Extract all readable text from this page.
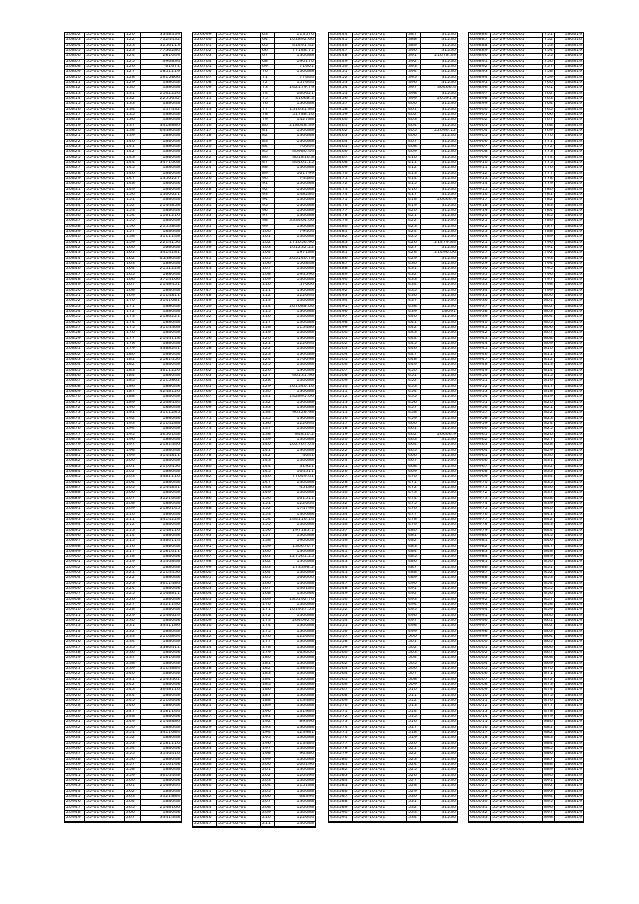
20802	55-01-60-01	120	3348439
20803	55-01-60-01	122	7124432
20804	55-01-60-01	123	3256113
20805	55-01-60-01	123	7736280
20806	55-01-60-01	124	281049
20807	55-01-60-01	125	496834
20808	55-01-60-01	126	61671
20809	55-01-60-01	127	1851119
20810	55-01-60-01	128	1615866
20811	55-01-60-01	129	188048
20812	55-01-60-01	130	188048
20813	55-01-60-01	131	2161226
20814	55-01-60-01	132	2255632
20815	55-01-60-01	133	188048
20816	55-01-60-01	134	157432
20817	55-01-60-01	135	188048
20818	55-01-60-01	136	188048
20819	55-01-60-01	137	3418880
20820	55-01-60-01	138	6448048
20821	55-01-60-01	139	188048
20822	55-01-60-01	140	188048
20823	55-01-60-01	141	188048
20824	55-01-60-01	142	188048
20825	55-01-60-01	143	188048
20826	55-01-60-01	144	3471408
20827	55-01-60-01	145	188048
20828	55-01-60-01	146	188048
20829	55-01-60-01	147	1356227
20830	55-01-60-01	148	188048
20831	55-01-60-01	149	188048
20832	55-01-60-01	150	1560621
20833	55-01-60-01	151	188048
20834	55-01-60-01	152	2144858
20835	55-01-60-01	153	188048
20836	55-01-60-01	154	1161216
20837	55-01-60-01	155	188048
20838	55-01-60-01	156	2155848
20839	55-01-60-01	157	188048
20840	55-01-60-01	158	3111148
20841	55-01-60-01	159	2214156
20842	55-01-60-01	160	188048
20843	55-01-60-01	161	3414181
20844	55-01-60-01	162	6548048
20845	55-01-60-01	163	188048
20846	55-01-60-01	164	2151228
20847	55-01-60-01	165	188048
20848	55-01-60-01	166	3714166
20849	55-01-60-01	167	2148451
20850	55-01-60-01	168	188048
20851	55-01-60-01	169	2114811
20852	55-01-60-01	170	3141081
20853	55-01-60-01	171	188048
20854	55-01-60-01	172	188048
20855	55-01-60-01	173	2186221
20856	55-01-60-01	174	188048
20857	55-01-60-01	175	3114468
20858	55-01-60-01	176	188048
20859	55-01-60-01	177	2144118
20860	55-01-60-01	178	188048
20861	55-01-60-01	179	3388241
20862	55-01-60-01	180	188048
20863	55-01-60-01	181	2181456
20864	55-01-60-01	182	188048
20865	55-01-60-01	183	3611226
20866	55-01-60-01	184	188048
20867	55-01-60-01	185	2115862
20868	55-01-60-01	186	188048
20869	55-01-60-01	187	4248126
20870	55-01-60-01	188	188048
20871	55-01-60-01	189	2168434
20872	55-01-60-01	190	188048
20873	55-01-60-01	191	3111285
20874	55-01-60-01	192	188048
20875	55-01-60-01	193	2114288
20876	55-01-60-01	194	188048
20877	55-01-60-01	195	3656148
20878	55-01-60-01	196	188048
20879	55-01-60-01	197	2181446
20880	55-01-60-01	198	188048
20881	55-01-60-01	199	3144811
20882	55-01-60-01	200	188048
20883	55-01-60-01	201	2116456
20884	55-01-60-01	202	188048
20885	55-01-60-01	203	3481116
20886	55-01-60-01	204	188048
20887	55-01-60-01	205	2144831
20888	55-01-60-01	206	188048
20889	55-01-60-01	207	3121648
20890	55-01-60-01	208	188048
20891	55-01-60-01	209	2186145
20892	55-01-60-01	210	188048
20893	55-01-60-01	211	3414228
20894	55-01-60-01	212	188048
20895	55-01-60-01	213	2148116
20896	55-01-60-01	214	188048
20897	55-01-60-01	215	3386114
20898	55-01-60-01	216	188048
20899	55-01-60-01	217	2181611
20900	55-01-60-01	218	188048
20901	55-01-60-01	219	3144848
20902	55-01-60-01	220	188048
20903	55-01-60-01	221	2114456
20904	55-01-60-01	222	188048
20905	55-01-60-01	223	3611484
20906	55-01-60-01	224	188048
20907	55-01-60-01	225	2168811
20908	55-01-60-01	226	188048
20909	55-01-60-01	227	3121146
20910	55-01-60-01	228	188048
20911	55-01-60-01	229	2148624
20912	55-01-60-01	230	188048
20913	55-01-60-01	231	3441186
20914	55-01-60-01	232	188048
20915	55-01-60-01	233	2116844
20916	55-01-60-01	234	188048
20917	55-01-60-01	235	3386411
20918	55-01-60-01	236	188048
20919	55-01-60-01	237	2181648
20920	55-01-60-01	238	188048
20921	55-01-60-01	239	3114884
20922	55-01-60-01	240	188048
20923	55-01-60-01	241	2144461
20924	55-01-60-01	242	188048
20925	55-01-60-01	243	3648116
20926	55-01-60-01	244	188048
20927	55-01-60-01	245	2116648
20928	55-01-60-01	246	188048
20929	55-01-60-01	247	3181144
20930	55-01-60-01	248	188048
20931	55-01-60-01	249	2148886
20932	55-01-60-01	250	188048
20933	55-01-60-01	251	3411684
20934	55-01-60-01	252	188048
20935	55-01-60-01	253	2181116
20936	55-01-60-01	254	188048
20937	55-01-60-01	255	3144416
20938	55-01-60-01	256	188048
20939	55-01-60-01	257	2116148
20940	55-01-60-01	258	188048
20941	55-01-60-01	259	3614448
20942	55-01-60-01	260	188048
20943	55-01-60-01	261	2168644
20944	55-01-60-01	262	188048
20945	55-01-60-01	263	3121884
20946	55-01-60-01	264	188048
20947	55-01-60-01	265	2148166
20948	55-01-60-01	266	188048
20949	55-01-60-01	267	3441448
226699	55-15-02-01	63	113576
226700	55-15-02-01	64	101892.66
226701	55-15-02-01	65	41491.42
226702	55-15-02-01	66	77188.71
226703	55-15-02-01	67	130088
226704	55-15-02-01	68	190170
226705	55-15-02-01	69	71601
226706	55-15-02-01	70	130088
226707	55-15-02-01	71	77644
226708	55-15-02-01	72	157644
226709	55-15-02-01	73	142179.79
226710	55-15-02-01	74	160621
226711	55-15-02-01	75	31668.3
226712	55-15-02-01	76	130088
226713	55-15-02-01	77	151631.84
226714	55-15-02-01	78	51788.16
226715	55-15-02-01	79	142788
226716	55-15-02-01	80	218648.39
226717	55-15-02-01	81	130088
226718	55-15-02-01	82	130688
226719	55-15-02-01	83	130088
226720	55-15-02-01	84	70644
226721	55-15-02-01	85	40980.44
226722	55-15-02-01	86	301816.8
226723	55-15-02-01	87	44461.15
226724	55-15-02-01	88	130088
226725	55-15-02-01	89	161799
226726	55-15-02-01	90	74484
226727	55-15-02-01	91	130088
226728	55-15-02-01	92	130088
226729	55-15-02-01	93	148284
226730	55-15-02-01	94	130088
226731	55-15-02-01	95	130088
226732	55-15-02-01	96	130088
226733	55-15-02-01	97	130088
226734	55-15-02-01	98	333464.06
226735	55-15-02-01	99	130088
226736	55-15-02-01	100	79404
226737	55-15-02-01	101	130088
226738	55-15-02-01	102	171056.96
226739	55-15-02-01	103	101232.22
226740	55-15-02-01	104	197188
226741	55-15-02-01	105	205140.78
226742	55-15-02-01	106	150848
226743	55-15-02-01	107	130088
226744	55-15-02-01	108	194596
226745	55-15-02-01	109	130088
226746	55-15-02-01	110	57666
226747	55-15-02-01	111	130088
226748	55-15-02-01	112	122644
226749	55-15-02-01	113	130088
226750	55-15-02-01	114	167688.06
226751	55-15-02-01	115	130088
226752	55-15-02-01	116	130088
226753	55-15-02-01	117	130088
226754	55-15-02-01	118	115486
226755	55-15-02-01	119	130088
226756	55-15-02-01	120	130088
226757	55-15-02-01	121	122644
226758	55-15-02-01	122	130088
226759	55-15-02-01	123	130088
226760	55-15-02-01	124	170098
226761	55-15-02-01	125	130088
226762	55-15-02-01	126	130088
226763	55-15-02-01	127	46131.96
226764	55-15-02-01	128	130088
226765	55-15-02-01	129	161540.16
226766	55-15-02-01	130	130088
226767	55-15-02-01	131	142891.06
226768	55-15-02-01	132	130088
226769	55-15-02-01	133	130088
226770	55-15-02-01	134	96128.98
226771	55-15-02-01	135	130088
226772	55-15-02-01	136	122644
226773	55-15-02-01	137	130088
226774	55-15-02-01	138	84810.2
226775	55-15-02-01	139	130088
226776	55-15-02-01	140	102767.03
226777	55-15-02-01	141	130088
226778	55-15-02-01	142	4641
226779	55-15-02-01	143	130088
226780	55-15-02-01	144	31921
226781	55-15-02-01	145	164511
226782	55-15-02-01	146	77649.01
226783	55-15-02-01	147	130088
226784	55-15-02-01	148	45186
226785	55-15-02-01	149	130088
226786	55-15-02-01	150	161511
226787	55-15-02-01	151	122644
226788	55-15-02-01	152	174798
226789	55-15-02-01	153	130088
226790	55-15-02-01	154	144116.14
226791	55-15-02-01	155	130088
226792	55-15-02-01	156	197183.1
226793	55-15-02-01	157	130088
226794	55-15-02-01	158	190008
226795	55-15-02-01	159	136670.7
226796	55-15-02-01	160	130088
226797	55-15-02-01	161	127561.25
226798	55-15-02-01	162	130088
226799	55-15-02-01	163	173398.2
226800	55-15-02-01	164	130088
226801	55-15-02-01	165	166000
226802	55-15-02-01	166	130088
226803	55-15-02-01	167	146184
226804	55-15-02-01	168	130088
226805	55-15-02-01	169	185192.76
226806	55-15-02-01	170	130088
226807	55-15-02-01	171	101937.53
226808	55-15-02-01	172	130088
226809	55-15-02-01	173	264092.4
226810	55-15-02-01	174	130088
226811	55-15-02-01	175	130088
226812	55-15-02-01	176	122644
226813	55-15-02-01	177	130088
226814	55-15-02-01	178	130088
226815	55-15-02-01	179	163000
226816	55-15-02-01	180	130088
226817	55-15-02-01	181	130088
226818	55-15-02-01	182	138440
226819	55-15-02-01	183	130088
226820	55-15-02-01	184	130088
226821	55-15-02-01	185	130088
226822	55-15-02-01	186	130088
226823	55-15-02-01	187	130088
226824	55-15-02-01	188	113484
226825	55-15-02-01	189	130088
226826	55-15-02-01	190	131984
226827	55-15-02-01	191	130088
226828	55-15-02-01	192	89396
226829	55-15-02-01	193	130088
226830	55-15-02-01	194	123981
226831	55-15-02-01	195	130088
226832	55-15-02-01	196	113484
226833	55-15-02-01	197	130088
226834	55-15-02-01	198	96380
226835	55-15-02-01	199	130088
226836	55-15-02-01	200	100196
226837	55-15-02-01	201	130088
226838	55-15-02-01	202	120494
226839	55-15-02-01	203	130088
226840	55-15-02-01	204	115188
226841	55-15-02-01	205	130088
226842	55-15-02-01	206	68394
226843	55-15-02-01	207	130088
226844	55-15-02-01	208	120098
226845	55-15-02-01	209	130088
226846	55-15-02-01	210	122644
226847	55-15-02-01	211	130088
433444	55-26-101-01	387	31230
433445	55-26-101-01	388	31230
433446	55-26-101-01	389	31230
433447	55-26-101-01	390	31230
433448	55-26-101-01	391	21678.39
433449	55-26-101-01	392	31230
433450	55-26-101-01	393	31230
433451	55-26-101-01	394	31230
433452	55-26-101-01	395	31230
433453	55-26-101-01	396	31230
433454	55-26-101-01	397	30466.4
433455	55-26-101-01	398	31230
433456	55-26-101-01	399	26591.8
433457	55-26-101-01	400	31230
433458	55-26-101-01	401	31230
433459	55-26-101-01	402	31230
433460	55-26-101-01	403	31230
433461	55-26-101-01	404	31230
433462	55-26-101-01	405	22096.12
433463	55-26-101-01	406	31230
433464	55-26-101-01	407	31230
433465	55-26-101-01	408	31230
433466	55-26-101-01	409	31230
433467	55-26-101-01	410	31230
433468	55-26-101-01	411	31230
433469	55-26-101-01	412	31230
433470	55-26-101-01	413	31230
433471	55-26-101-01	414	31230
433472	55-26-101-01	415	31230
433473	55-26-101-01	416	31230
433474	55-26-101-01	417	31230
433475	55-26-101-01	418	26666.9
433476	55-26-101-01	419	31230
433477	55-26-101-01	420	31230
433478	55-26-101-01	421	31230
433479	55-26-101-01	422	31230
433480	55-26-101-01	423	31230
433481	55-26-101-01	424	31230
433482	55-26-101-01	425	31230
433483	55-26-101-01	426	21479.84
433484	55-26-101-01	427	31230
433485	55-26-101-01	428	21496.06
433486	55-26-101-01	429	31230
433487	55-26-101-01	430	31230
433488	55-26-101-01	431	31230
433489	55-26-101-01	432	31230
433490	55-26-101-01	433	31230
433491	55-26-101-01	434	31230
433492	55-26-101-01	435	31230
433493	55-26-101-01	436	31230
433494	55-26-101-01	437	31230
433495	55-26-101-01	438	31230
433496	55-26-101-01	439	18091
433497	55-26-101-01	440	31230
433498	55-26-101-01	441	31230
433499	55-26-101-01	442	31230
433500	55-26-101-01	443	31230
433501	55-26-101-01	444	31230
433502	55-26-101-01	445	31230
433503	55-26-101-01	446	31230
433504	55-26-101-01	447	31230
433505	55-26-101-01	448	31230
433506	55-26-101-01	449	31230
433507	55-26-101-01	450	31230
433508	55-26-101-01	451	31230
433509	55-26-101-01	452	31230
433510	55-26-101-01	453	31230
433511	55-26-101-01	454	31230
433512	55-26-101-01	455	31230
433513	55-26-101-01	456	31230
433514	55-26-101-01	457	31230
433515	55-26-101-01	458	31230
433516	55-26-101-01	459	31230
433517	55-26-101-01	460	31230
433518	55-26-101-01	461	31230
433519	55-26-101-01	462	26666.9
433520	55-26-101-01	463	31230
433521	55-26-101-01	464	31230
433522	55-26-101-01	465	31230
433523	55-26-101-01	466	31230
433524	55-26-101-01	467	31230
433525	55-26-101-01	468	31230
433526	55-26-101-01	469	31230
433527	55-26-101-01	470	31230
433528	55-26-101-01	471	31230
433529	55-26-101-01	472	31230
433530	55-26-101-01	473	31230
433531	55-26-101-01	474	31230
433532	55-26-101-01	475	31230
433533	55-26-101-01	476	31230
433534	55-26-101-01	477	31230
433535	55-26-101-01	478	31230
433536	55-26-101-01	479	31230
433537	55-26-101-01	480	31230
433538	55-26-101-01	481	31230
433539	55-26-101-01	482	31230
433540	55-26-101-01	483	31230
433541	55-26-101-01	484	31230
433542	55-26-101-01	485	31230
433543	55-26-101-01	486	31230
433544	55-26-101-01	487	31230
433545	55-26-101-01	488	31230
433546	55-26-101-01	489	31230
433547	55-26-101-01	490	31230
433548	55-26-101-01	491	31230
433549	55-26-101-01	492	31230
433550	55-26-101-01	493	31230
433551	55-26-101-01	494	31230
433552	55-26-101-01	495	31230
433553	55-26-101-01	496	31230
433554	55-26-101-01	497	31230
433555	55-26-101-01	498	31230
433556	55-26-101-01	499	31230
433557	55-26-101-01	500	31230
433558	55-26-101-01	501	31230
433559	55-26-101-01	502	31230
433560	55-26-101-01	503	31230
433561	55-26-101-01	504	31230
433562	55-26-101-01	505	31230
433563	55-26-101-01	506	31230
433564	55-26-101-01	507	31230
433565	55-26-101-01	508	31230
433566	55-26-101-01	509	31230
433567	55-26-101-01	510	31230
433568	55-26-101-01	511	31230
433569	55-26-101-01	512	31230
433570	55-26-101-01	513	31230
433571	55-26-101-01	514	31230
433572	55-26-101-01	515	31230
433573	55-26-101-01	516	31230
433574	55-26-101-01	517	31230
433575	55-26-101-01	518	31230
433576	55-26-101-01	519	31230
433577	55-26-101-01	520	31230
433578	55-26-101-01	521	31230
433579	55-26-101-01	522	31230
433580	55-26-101-01	523	31230
433581	55-26-101-01	524	31230
433582	55-26-101-01	525	31230
433583	55-26-101-01	526	31230
433584	55-26-101-01	527	31230
433585	55-26-101-01	528	31230
433586	55-26-101-01	529	31230
433587	55-26-101-01	530	31230
433588	55-26-101-01	531	31230
433589	55-26-101-01	532	31230
433590	55-26-101-01	533	31230
433591	55-26-101-01	534	31230
639886 55-29-000001	751	186819
639887 55-29-000001	752	180416
639888 55-29-000001	753	186819
639889 55-29-000001	754	186819
639890 55-29-000001	755	186819
639891 55-29-000001	756	186819
639892 55-29-000001	757	186819
639893 55-29-000001	758	186819
639894 55-29-000001	759	186819
639895 55-29-000001	760	186819
639896 55-29-000001	761	186819
639897 55-29-000001	762	186819
639898 55-29-000001	763	186819
639899 55-29-000001	764	186819
639900 55-29-000001	765	186819
639901 55-29-000001	766	186819
639902 55-29-000001	767	186819
639903 55-29-000001	768	186819
639904 55-29-000001	769	186819
639905 55-29-000001	770	186819
639906 55-29-000001	771	186819
639907 55-29-000001	772	186819
639908 55-29-000001	773	186819
639909 55-29-000001	774	186819
639910 55-29-000001	775	186819
639911 55-29-000001	776	186819
639912 55-29-000001	777	186819
639913 55-29-000001	778	186819
639914 55-29-000001	779	186819
639915 55-29-000001	780	186819
639916 55-29-000001	781	186819
639917 55-29-000001	782	186819
639918 55-29-000001	783	186819
639919 55-29-000001	784	186819
639920 55-29-000001	785	186819
639921 55-29-000001	786	186819
639922 55-29-000001	787	186819
639923 55-29-000001	788	186819
639924 55-29-000001	789	186819
639925 55-29-000001	790	186819
639926 55-29-000001	791	186819
639927 55-29-000001	792	186819
639928 55-29-000001	793	186819
639929 55-29-000001	794	186819
639930 55-29-000001	795	186819
639931 55-29-000001	796	186819
639932 55-29-000001	797	186819
639933 55-29-000001	798	186819
639934 55-29-000001	799	186819
639935 55-29-000001	800	186819
639936 55-29-000001	801	186819
639937 55-29-000001	802	186819
639938 55-29-000001	803	186819
639939 55-29-000001	804	186819
639940 55-29-000001	805	186819
639941 55-29-000001	806	186819
639942 55-29-000001	807	186819
639943 55-29-000001	808	186819
639944 55-29-000001	809	186819
639945 55-29-000001	810	186819
639946 55-29-000001	811	186819
639947 55-29-000001	812	186819
639948 55-29-000001	813	186819
639949 55-29-000001	814	186819
639950 55-29-000001	815	186819
639951 55-29-000001	816	186819
639952 55-29-000001	817	186819
639953 55-29-000001	818	186819
639954 55-29-000001	819	186819
639955 55-29-000001	820	186819
639956 55-29-000001	821	186819
639957 55-29-000001	822	186819
639958 55-29-000001	823	186819
639959 55-29-000001	824	186819
639960 55-29-000001	825	186819
639961 55-29-000001	826	186819
639962 55-29-000001	827	186819
639963 55-29-000001	828	186819
639964 55-29-000001	829	186819
639965 55-29-000001	830	186819
639966 55-29-000001	831	186819
639967 55-29-000001	832	186819
639968 55-29-000001	833	186819
639969 55-29-000001	834	186819
639970 55-29-000001	835	186819
639971 55-29-000001	836	186819
639972 55-29-000001	837	186819
639973 55-29-000001	838	186819
639974 55-29-000001	839	186819
639975 55-29-000001	840	186819
639976 55-29-000001	841	186819
639977 55-29-000001	842	186819
639978 55-29-000001	843	186819
639979 55-29-000001	844	186819
639980 55-29-000001	845	186819
639981 55-29-000001	846	186819
639982 55-29-000001	847	186819
639983 55-29-000001	848	186819
639984 55-29-000001	849	186819
639985 55-29-000001	850	186819
639986 55-29-000001	851	186819
639987 55-29-000001	852	186819
639988 55-29-000001	853	186819
639989 55-29-000001	854	186819
639990 55-29-000001	855	186819
639991 55-29-000001	856	186819
639992 55-29-000001	857	186819
639993 55-29-000001	858	186819
639994 55-29-000001	859	186819
639995 55-29-000001	860	186819
639996 55-29-000001	861	186819
639997 55-29-000001	862	186819
639998 55-29-000001	863	186819
639999 55-29-000001	864	186819
640000 55-29-000001	865	186819
640001 55-29-000001	866	186819
640002 55-29-000001	867	186819
640003 55-29-000001	868	186819
640004 55-29-000001	869	186819
640005 55-29-000001	870	186819
640006 55-29-000001	871	186819
640007 55-29-000001	872	186819
640008 55-29-000001	873	186819
640009 55-29-000001	874	186819
640010 55-29-000001	875	186819
640011 55-29-000001	876	186819
640012 55-29-000001	877	186819
640013 55-29-000001	878	186819
640014 55-29-000001	879	186819
640015 55-29-000001	880	186819
640016 55-29-000001	881	186819
640017 55-29-000001	882	186819
640018 55-29-000001	883	186819
640019 55-29-000001	884	186819
640020 55-29-000001	885	186819
640021 55-29-000001	886	186819
640022 55-29-000001	887	186819
640023 55-29-000001	888	186819
640024 55-29-000001	889	186819
640025 55-29-000001	890	186819
640026 55-29-000001	891	186819
640027 55-29-000001	892	186819
640028 55-29-000001	893	186819
640029 55-29-000001	894	186819
640030 55-29-000001	895	186819
640031 55-29-000001	896	186819
640032 55-29-000001	897	186819
640033 55-29-000001	898	186819
